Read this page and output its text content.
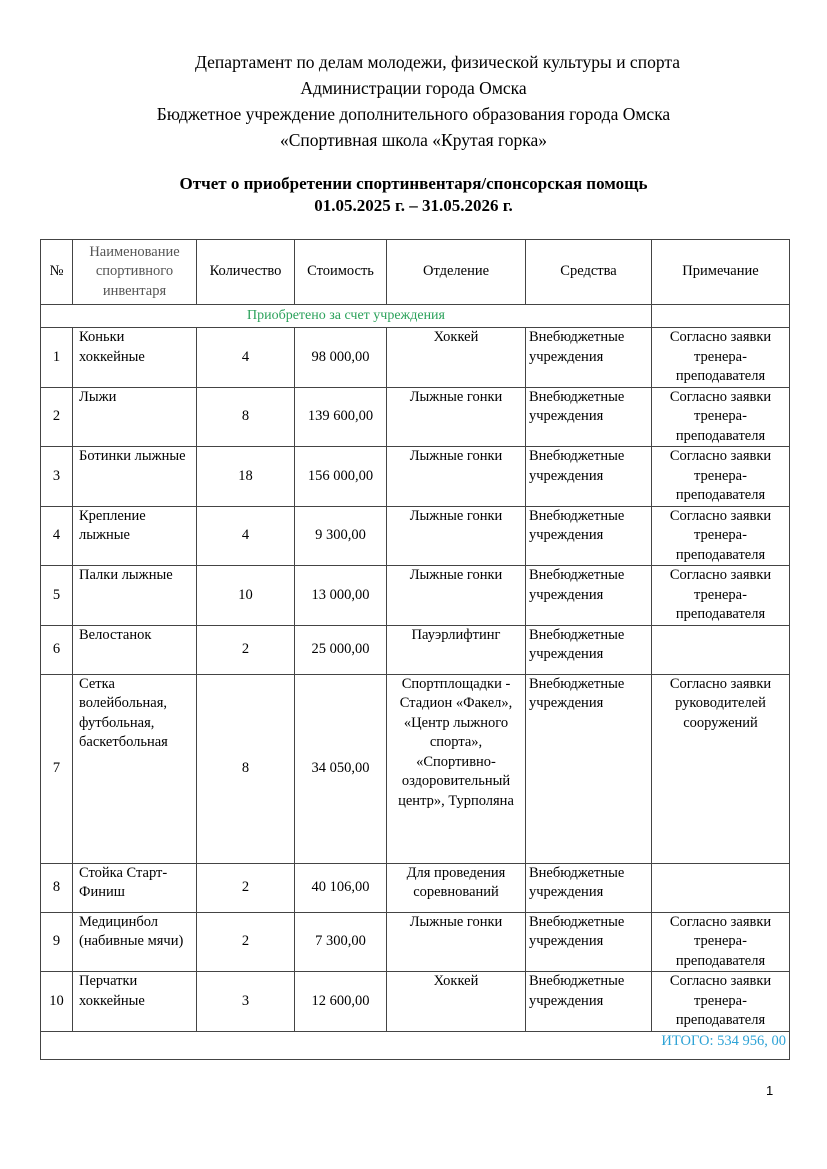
Департамент по делам молодежи, физической культуры и спорта
Администрации города Омска
Бюджетное учреждение дополнительного образования города Омска
«Спортивная школа «Крутая горка»
Отчет о приобретении спортинвентаря/спонсорская помощь
01.05.2025 г. – 31.05.2026 г.
№	Наименование спортивного инвентаря	Количество	Стоимость	Отделение	Средства	Примечание
Приобретено за счет учреждения						
1	Коньки хоккейные	4	98 000,00	Хоккей	Внебюджетные учреждения	Согласно заявки тренера-преподавателя
2	Лыжи	8	139 600,00	Лыжные гонки	Внебюджетные учреждения	Согласно заявки тренера-преподавателя
3	Ботинки лыжные	18	156 000,00	Лыжные гонки	Внебюджетные учреждения	Согласно заявки тренера-преподавателя
4	Крепление лыжные	4	9 300,00	Лыжные гонки	Внебюджетные учреждения	Согласно заявки тренера-преподавателя
5	Палки лыжные	10	13 000,00	Лыжные гонки	Внебюджетные учреждения	Согласно заявки тренера-преподавателя
6	Велостанок	2	25 000,00	Пауэрлифтинг	Внебюджетные учреждения	
7	Сетка волейбольная, футбольная, баскетбольная	8	34 050,00	Спортплощадки - Стадион «Факел», «Центр лыжного спорта», «Спортивно-оздоровительный центр», Турполяна	Внебюджетные учреждения	Согласно заявки руководителей сооружений
8	Стойка Старт-Финиш	2	40 106,00	Для проведения соревнований	Внебюджетные учреждения	
9	Медицинбол (набивные мячи)	2	7 300,00	Лыжные гонки	Внебюджетные учреждения	Согласно заявки тренера-преподавателя
10	Перчатки хоккейные	3	12 600,00	Хоккей	Внебюджетные учреждения	Согласно заявки тренера-преподавателя
ИТОГО: 534 956, 00						
1
